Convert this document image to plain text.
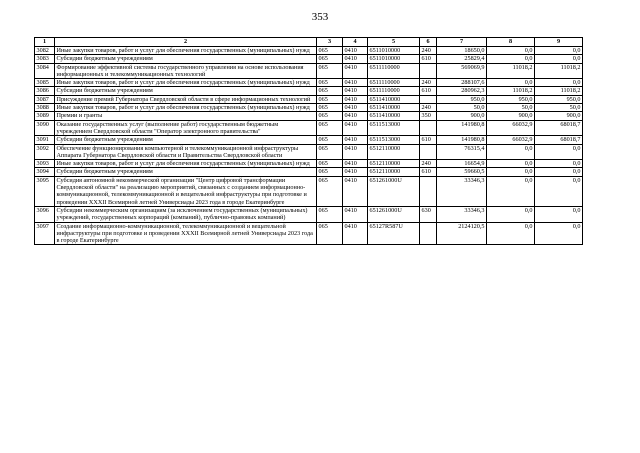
353
1	2	3	4	5	6	7	8	9
3082	Иные закупки товаров, работ и услуг для обеспечения государственных (муниципальных) нужд	065	0410	6511010000	240	18650,0	0,0	0,0
3083	Субсидии бюджетным учреждениям	065	0410	6511010000	610	25829,4	0,0	0,0
3084	Формирование эффективной системы государственного управления на основе использования информационных и телекоммуникационных технологий	065	0410	6511110000		569069,9	11018,2	11018,2
3085	Иные закупки товаров, работ и услуг для обеспечения государственных (муниципальных) нужд	065	0410	6511110000	240	288107,6	0,0	0,0
3086	Субсидии бюджетным учреждениям	065	0410	6511110000	610	280962,3	11018,2	11018,2
3087	Присуждение премий Губернатора Свердловской области в сфере информационных технологий	065	0410	6511410000		950,0	950,0	950,0
3088	Иные закупки товаров, работ и услуг для обеспечения государственных (муниципальных) нужд	065	0410	6511410000	240	50,0	50,0	50,0
3089	Премии и гранты	065	0410	6511410000	350	900,0	900,0	900,0
3090	Оказание государственных услуг (выполнение работ) государственным бюджетным учреждением Свердловской области "Оператор электронного правительства"	065	0410	6511513000		141980,8	66032,9	68018,7
3091	Субсидии бюджетным учреждениям	065	0410	6511513000	610	141980,8	66032,9	68018,7
3092	Обеспечение функционирования компьютерной и телекоммуникационной инфраструктуры Аппарата Губернатора Свердловской области и Правительства Свердловской области	065	0410	6512110000		76315,4	0,0	0,0
3093	Иные закупки товаров, работ и услуг для обеспечения государственных (муниципальных) нужд	065	0410	6512110000	240	16654,9	0,0	0,0
3094	Субсидии бюджетным учреждениям	065	0410	6512110000	610	59660,5	0,0	0,0
3095	Субсидия автономной некоммерческой организации "Центр цифровой трансформации Свердловской области" на реализацию мероприятий, связанных с созданием информационно-коммуникационной, телекоммуникационной и вещательной инфраструктуры при подготовке и проведении XXXII Всемирной летней Универсиады 2023 года в городе Екатеринбурге	065	0410	651261000U		33346,3	0,0	0,0
3096	Субсидии некоммерческим организациям (за исключением государственных (муниципальных) учреждений, государственных корпораций (компаний), публично-правовых компаний)	065	0410	651261000U	630	33346,3	0,0	0,0
3097	Создание информационно-коммуникационной, телекоммуникационной и вещательной инфраструктуры при подготовке и проведении XXXII Всемирной летней Универсиады 2023 года в городе Екатеринбурге	065	0410	65127R587U		2124120,5	0,0	0,0
